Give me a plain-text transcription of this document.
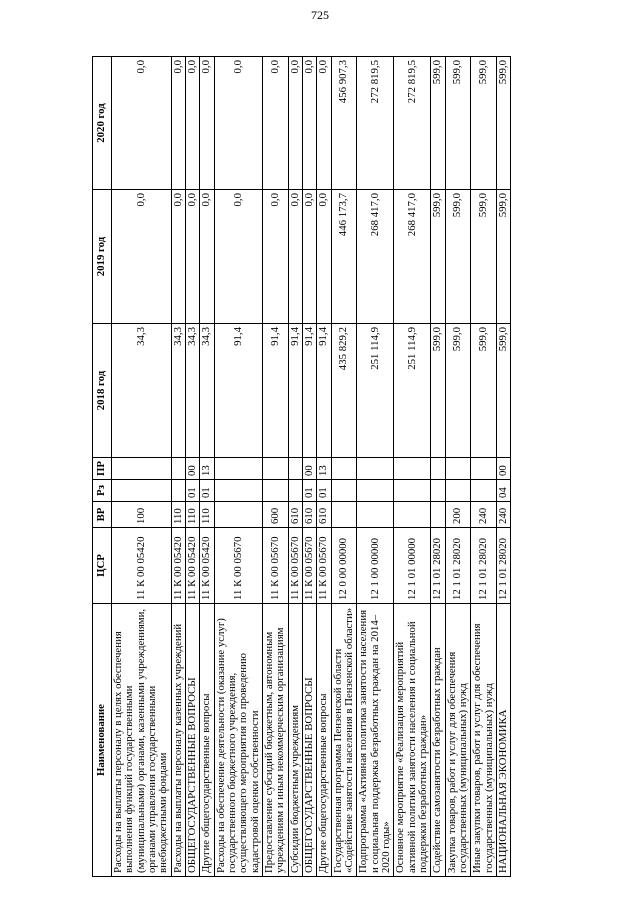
725
Наименование	ЦСР	ВР	Рз	ПР	2018 год	2019 год	2020 год
Расходы на выплаты персоналу в целях обеспечения выполнения функций государственными (муниципальными) органами, казенными учреждениями, органами управления государственными внебюджетными фондами	11 К 00 05420	100			34,3	0,0	0,0
Расходы на выплаты персоналу казенных учреждений	11 К 00 05420	110			34,3	0,0	0,0
ОБЩЕГОСУДАРСТВЕННЫЕ ВОПРОСЫ	11 К 00 05420	110	01	00	34,3	0,0	0,0
Другие общегосударственные вопросы	11 К 00 05420	110	01	13	34,3	0,0	0,0
Расходы на обеспечение деятельности (оказание услуг) государственного бюджетного учреждения, осуществляющего мероприятия по проведению кадастровой оценки собственности	11 К 00 05670				91,4	0,0	0,0
Предоставление субсидий бюджетным, автономным учреждениям и иным некоммерческим организациям	11 К 00 05670	600			91,4	0,0	0,0
Субсидии бюджетным учреждениям	11 К 00 05670	610			91,4	0,0	0,0
ОБЩЕГОСУДАРСТВЕННЫЕ ВОПРОСЫ	11 К 00 05670	610	01	00	91,4	0,0	0,0
Другие общегосударственные вопросы	11 К 00 05670	610	01	13	91,4	0,0	0,0
Государственная программа Пензенской области «Содействие занятости населения в Пензенской области»	12 0 00 00000				435 829,2	446 173,7	456 907,3
Подпрограмма «Активная политика занятости населения и социальная поддержка безработных граждан на 2014–2020 годы»	12 1 00 00000				251 114,9	268 417,0	272 819,5
Основное мероприятие «Реализация мероприятий активной политики занятости населения и социальной поддержки безработных граждан»	12 1 01 00000				251 114,9	268 417,0	272 819,5
Содействие самозанятости безработных граждан	12 1 01 28020				599,0	599,0	599,0
Закупка товаров, работ и услуг для обеспечения государственных (муниципальных) нужд	12 1 01 28020	200			599,0	599,0	599,0
Иные закупки товаров, работ и услуг для обеспечения государственных (муниципальных) нужд	12 1 01 28020	240			599,0	599,0	599,0
НАЦИОНАЛЬНАЯ ЭКОНОМИКА	12 1 01 28020	240	04	00	599,0	599,0	599,0
